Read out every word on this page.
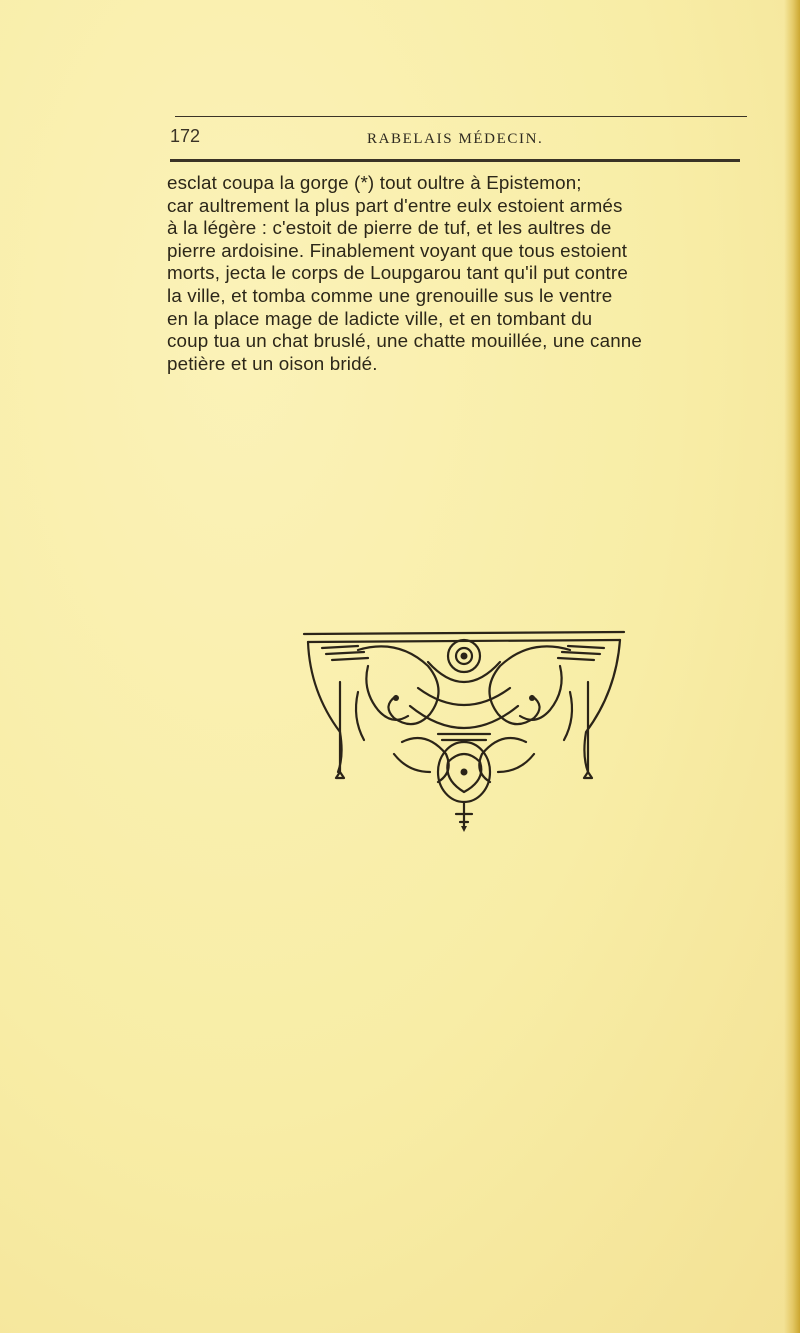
172	RABELAIS MÉDECIN.

esclat coupa la gorge (*) tout oultre à Epistemon;
car aultrement la plus part d'entre eulx estoient armés
à la légère : c'estoit de pierre de tuf, et les aultres de
pierre ardoisine. Finablement voyant que tous estoient
morts, jecta le corps de Loupgarou tant qu'il put contre
la ville, et tomba comme une grenouille sus le ventre
en la place mage de ladicte ville, et en tombant du
coup tua un chat bruslé, une chatte mouillée, une canne
petière et un oison bridé.
